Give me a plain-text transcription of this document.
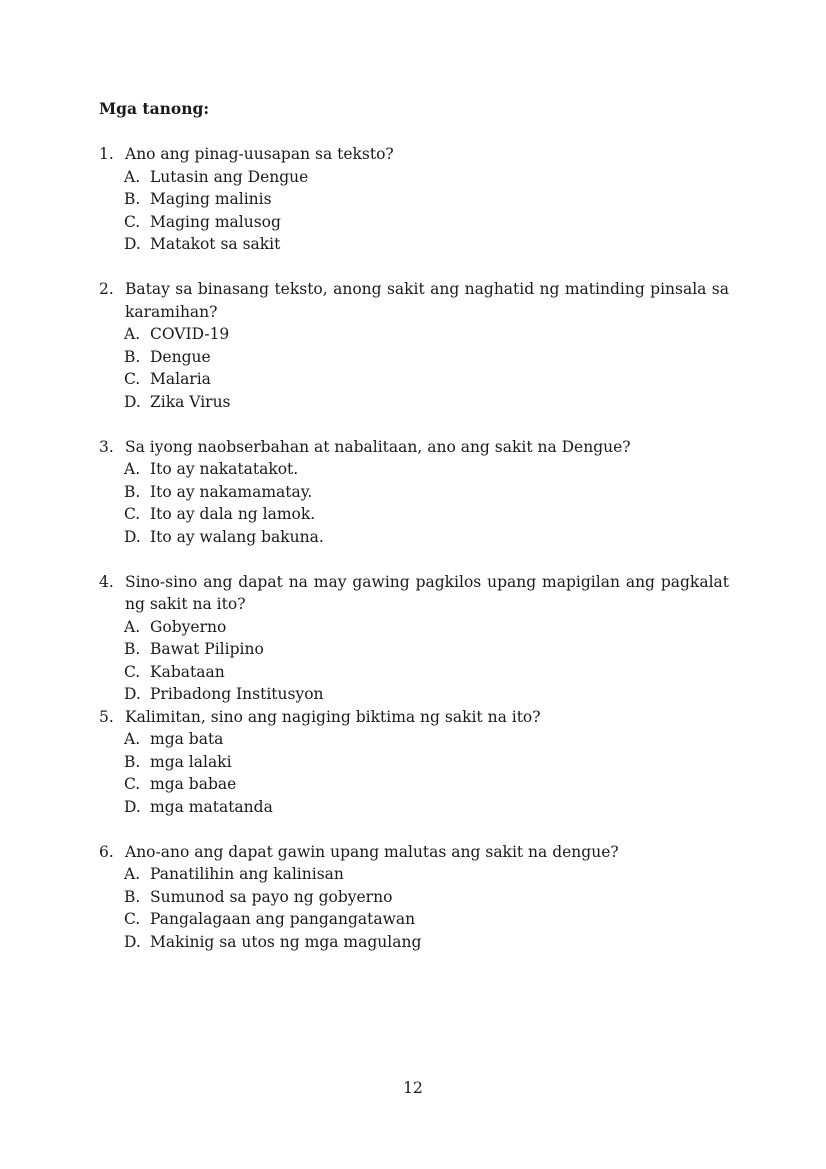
Mga tanong:
1. Ano ang pinag-uusapan sa teksto?
A. Lutasin ang Dengue
B. Maging malinis
C. Maging malusog
D. Matakot sa sakit
2. Batay sa binasang teksto, anong sakit ang naghatid ng matinding pinsala sa karamihan?
A. COVID-19
B. Dengue
C. Malaria
D. Zika Virus
3. Sa iyong naobserbahan at nabalitaan, ano ang sakit na Dengue?
A. Ito ay nakatatakot.
B. Ito ay nakamamatay.
C. Ito ay dala ng lamok.
D. Ito ay walang bakuna.
4. Sino-sino ang dapat na may gawing pagkilos upang mapigilan ang pagkalat ng sakit na ito?
A. Gobyerno
B. Bawat Pilipino
C. Kabataan
D. Pribadong Institusyon
5. Kalimitan, sino ang nagiging biktima ng sakit na ito?
A. mga bata
B. mga lalaki
C. mga babae
D. mga matatanda
6. Ano-ano ang dapat gawin upang malutas ang sakit na dengue?
A. Panatilihin ang kalinisan
B. Sumunod sa payo ng gobyerno
C. Pangalagaan ang pangangatawan
D. Makinig sa utos ng mga magulang
12
